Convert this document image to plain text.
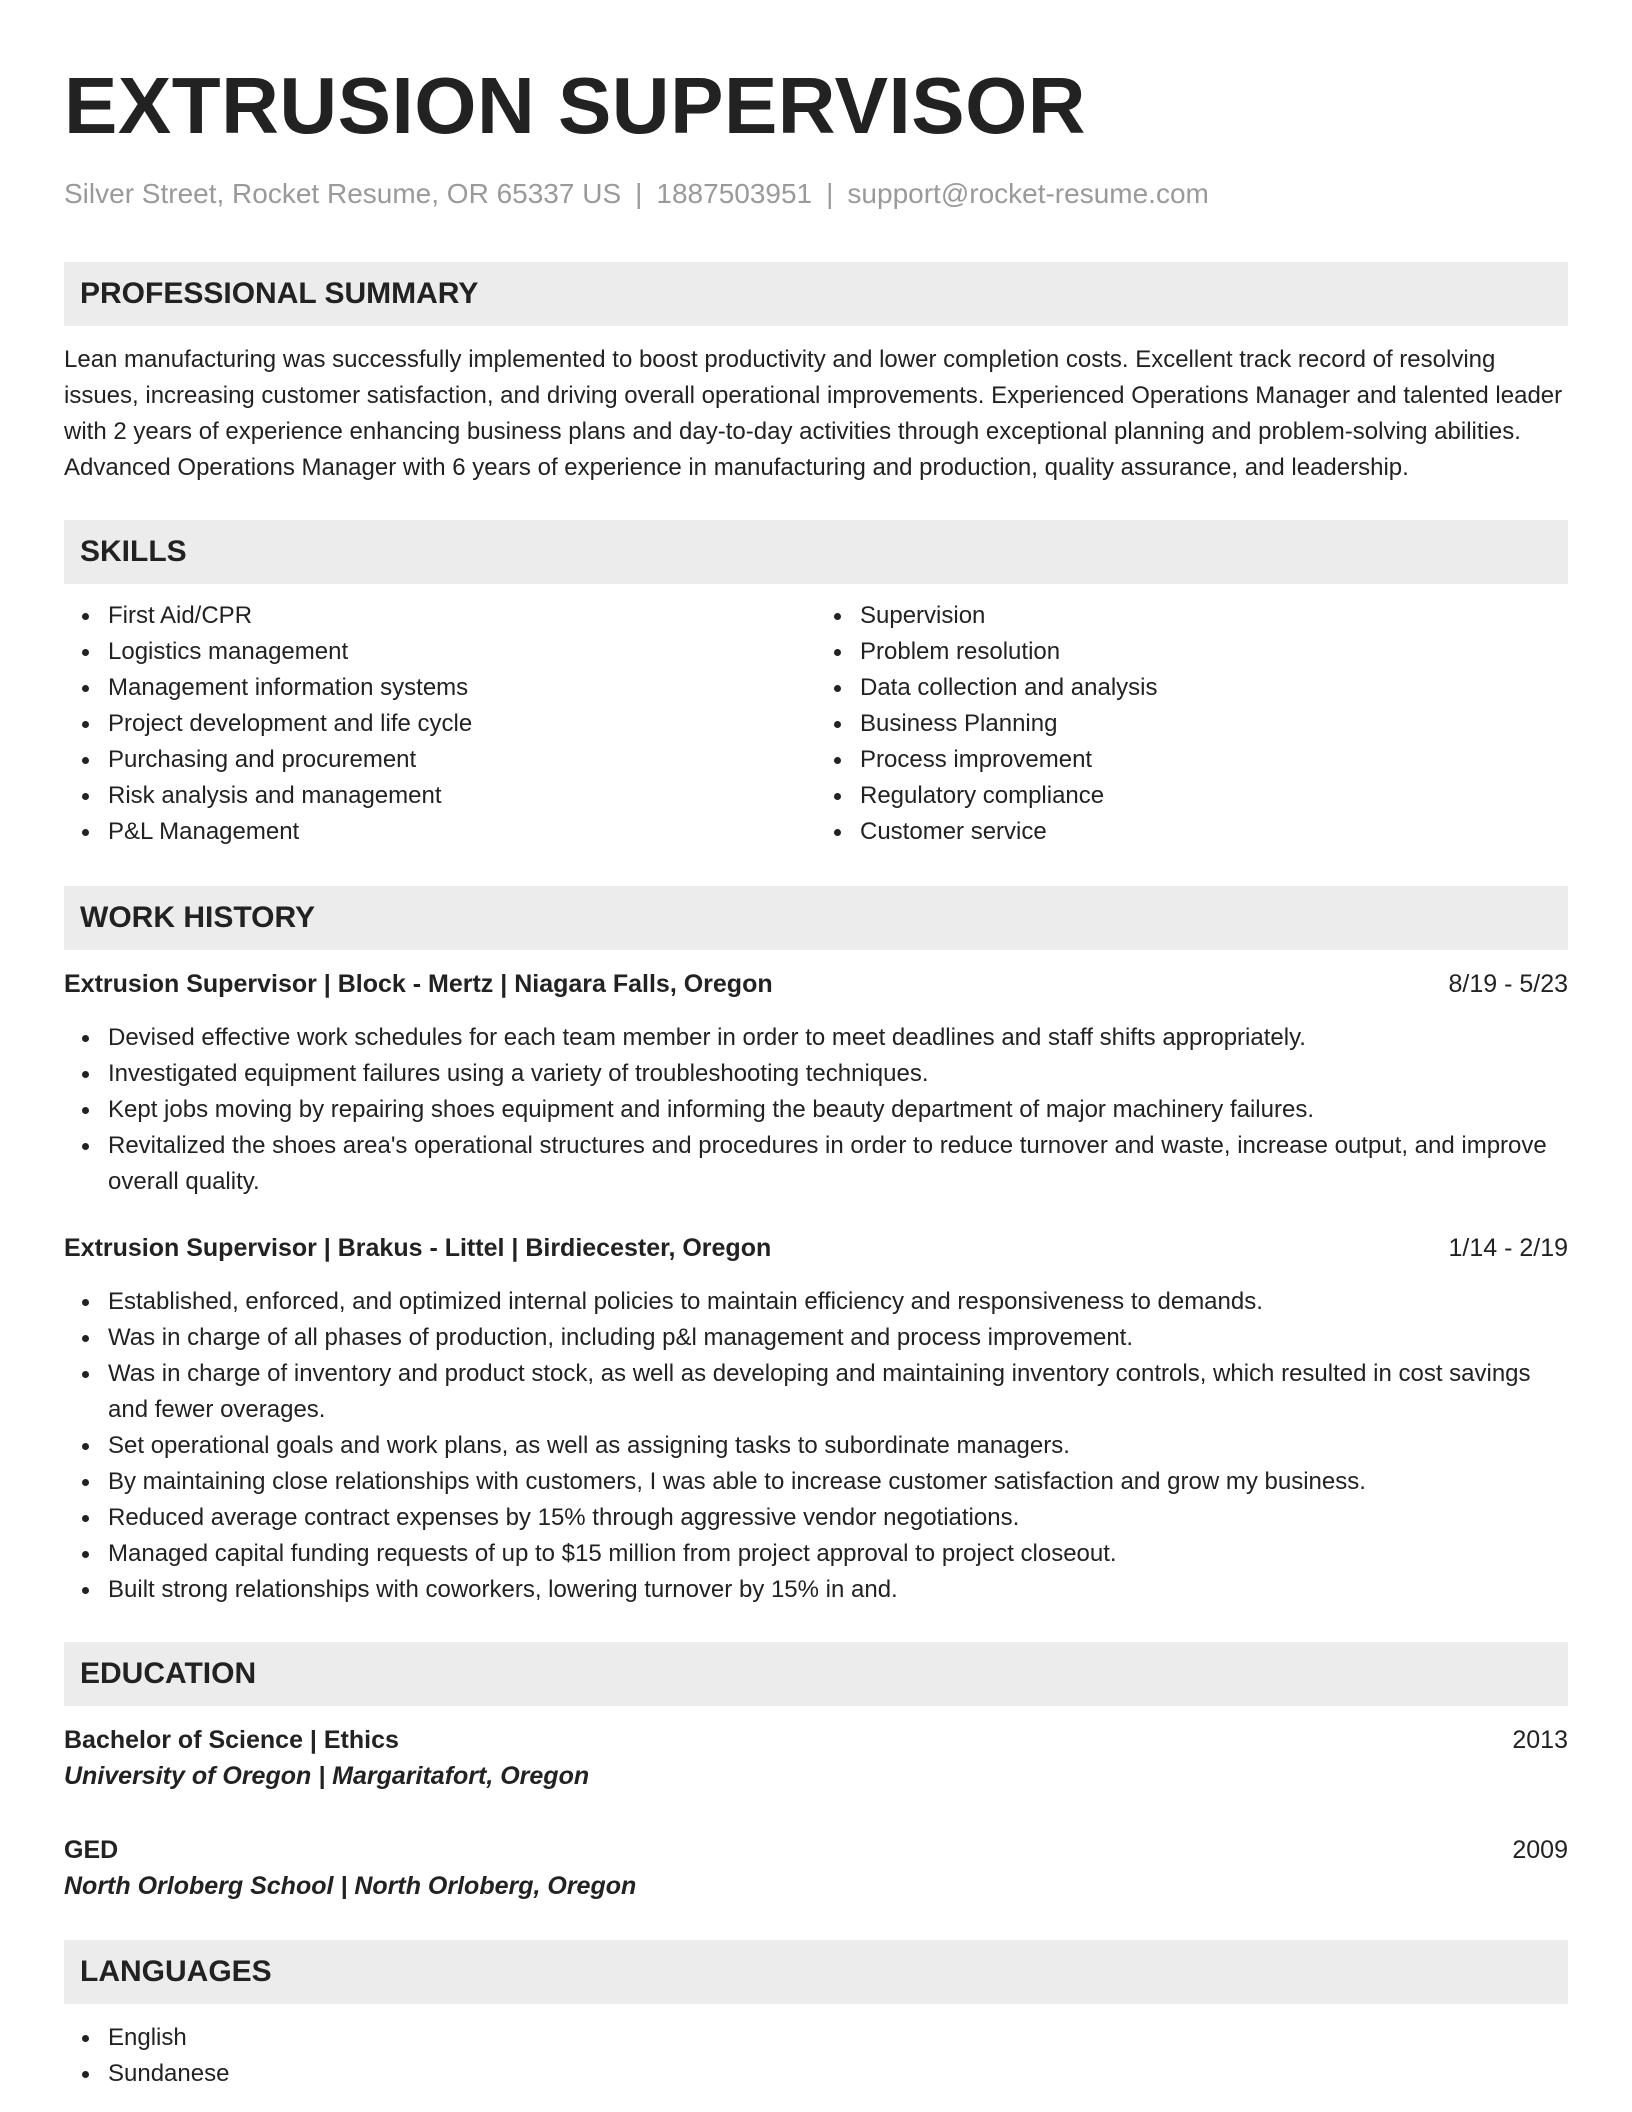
EXTRUSION SUPERVISOR
Silver Street, Rocket Resume, OR 65337 US | 1887503951 | support@rocket-resume.com
PROFESSIONAL SUMMARY

Lean manufacturing was successfully implemented to boost productivity and lower completion costs. Excellent track record of resolving issues, increasing customer satisfaction, and driving overall operational improvements. Experienced Operations Manager and talented leader with 2 years of experience enhancing business plans and day-to-day activities through exceptional planning and problem-solving abilities. Advanced Operations Manager with 6 years of experience in manufacturing and production, quality assurance, and leadership.

SKILLS
First Aid/CPR
Logistics management
Management information systems
Project development and life cycle
Purchasing and procurement
Risk analysis and management
P&L Management
Supervision
Problem resolution
Data collection and analysis
Business Planning
Process improvement
Regulatory compliance
Customer service
WORK HISTORY
Extrusion Supervisor | Block - Mertz | Niagara Falls, Oregon	8/19 - 5/23
Devised effective work schedules for each team member in order to meet deadlines and staff shifts appropriately.
Investigated equipment failures using a variety of troubleshooting techniques.
Kept jobs moving by repairing shoes equipment and informing the beauty department of major machinery failures.
Revitalized the shoes area's operational structures and procedures in order to reduce turnover and waste, increase output, and improve overall quality.
Extrusion Supervisor | Brakus - Littel | Birdiecester, Oregon	1/14 - 2/19
Established, enforced, and optimized internal policies to maintain efficiency and responsiveness to demands.
Was in charge of all phases of production, including p&l management and process improvement.
Was in charge of inventory and product stock, as well as developing and maintaining inventory controls, which resulted in cost savings and fewer overages.
Set operational goals and work plans, as well as assigning tasks to subordinate managers.
By maintaining close relationships with customers, I was able to increase customer satisfaction and grow my business.
Reduced average contract expenses by 15% through aggressive vendor negotiations.
Managed capital funding requests of up to $15 million from project approval to project closeout.
Built strong relationships with coworkers, lowering turnover by 15% in and.
EDUCATION
Bachelor of Science | Ethics	2013
University of Oregon | Margaritafort, Oregon
GED	2009
North Orloberg School | North Orloberg, Oregon
LANGUAGES
English
Sundanese
